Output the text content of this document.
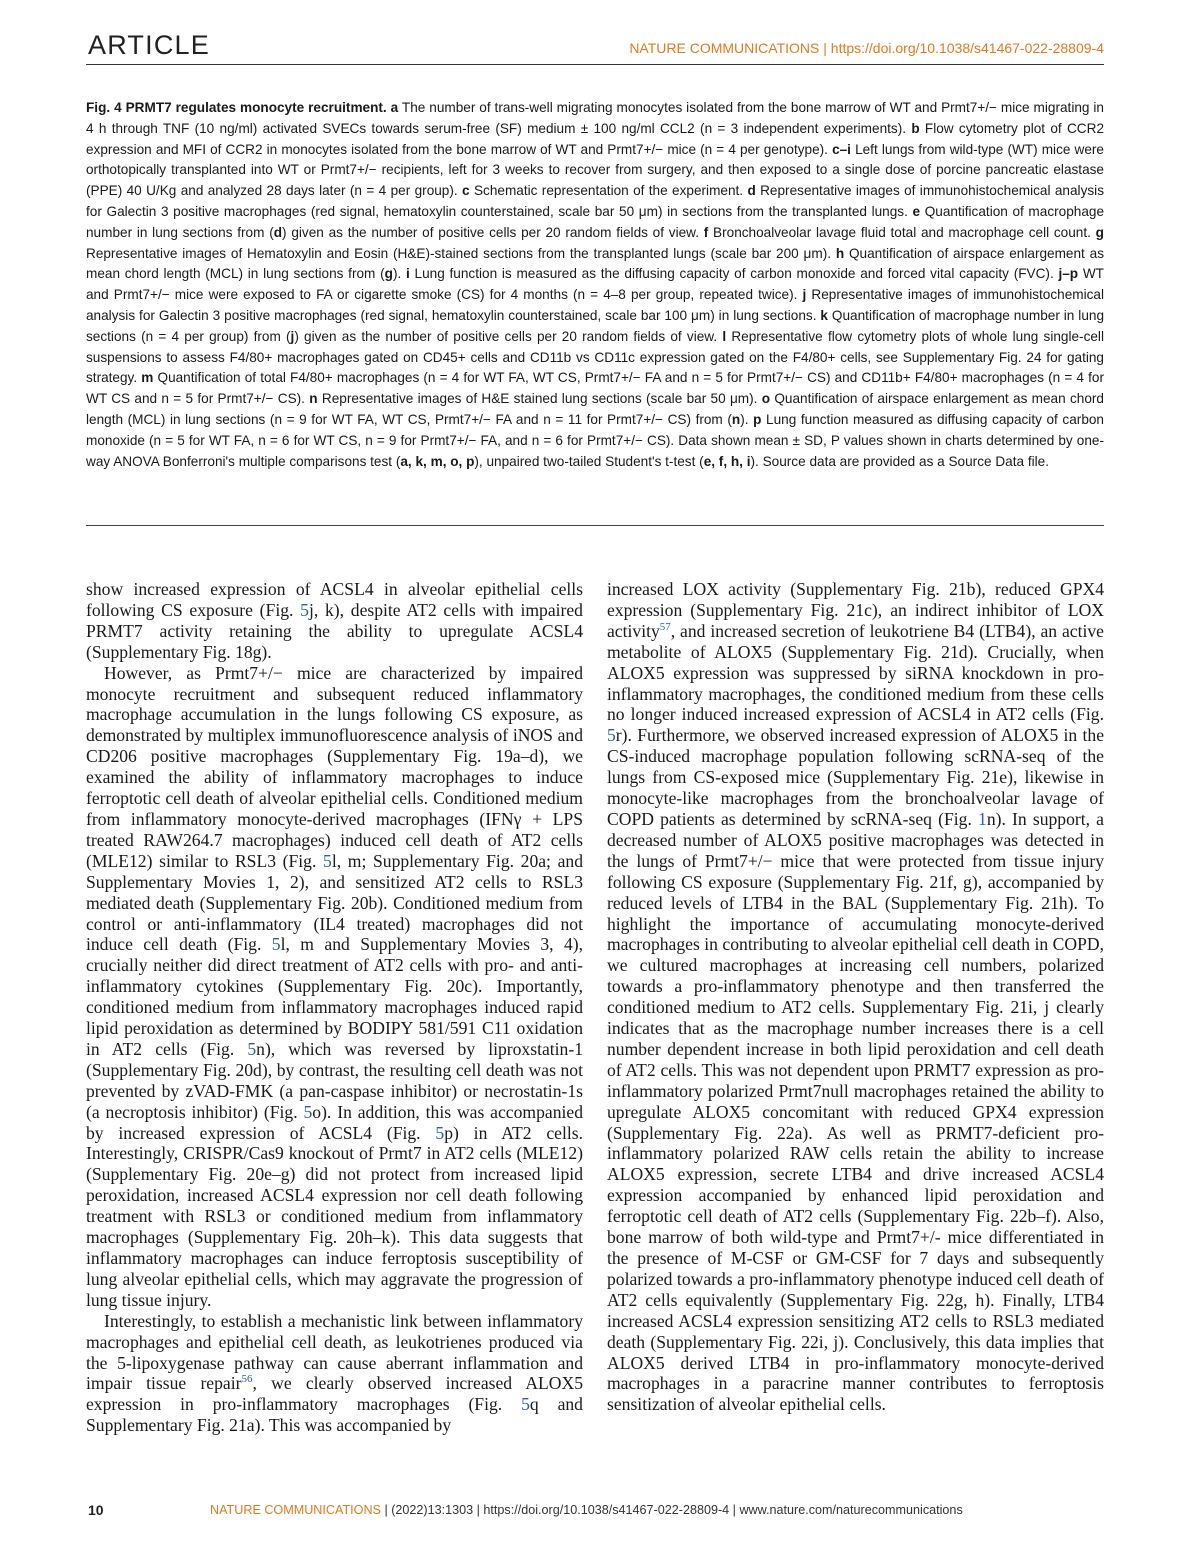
ARTICLE	NATURE COMMUNICATIONS | https://doi.org/10.1038/s41467-022-28809-4
Fig. 4 PRMT7 regulates monocyte recruitment. a The number of trans-well migrating monocytes isolated from the bone marrow of WT and Prmt7+/− mice migrating in 4 h through TNF (10 ng/ml) activated SVECs towards serum-free (SF) medium ± 100 ng/ml CCL2 (n = 3 independent experiments). b Flow cytometry plot of CCR2 expression and MFI of CCR2 in monocytes isolated from the bone marrow of WT and Prmt7+/− mice (n = 4 per genotype). c–i Left lungs from wild-type (WT) mice were orthotopically transplanted into WT or Prmt7+/− recipients, left for 3 weeks to recover from surgery, and then exposed to a single dose of porcine pancreatic elastase (PPE) 40 U/Kg and analyzed 28 days later (n = 4 per group). c Schematic representation of the experiment. d Representative images of immunohistochemical analysis for Galectin 3 positive macrophages (red signal, hematoxylin counterstained, scale bar 50 μm) in sections from the transplanted lungs. e Quantification of macrophage number in lung sections from (d) given as the number of positive cells per 20 random fields of view. f Bronchoalveolar lavage fluid total and macrophage cell count. g Representative images of Hematoxylin and Eosin (H&E)-stained sections from the transplanted lungs (scale bar 200 μm). h Quantification of airspace enlargement as mean chord length (MCL) in lung sections from (g). i Lung function is measured as the diffusing capacity of carbon monoxide and forced vital capacity (FVC). j–p WT and Prmt7+/− mice were exposed to FA or cigarette smoke (CS) for 4 months (n = 4–8 per group, repeated twice). j Representative images of immunohistochemical analysis for Galectin 3 positive macrophages (red signal, hematoxylin counterstained, scale bar 100 μm) in lung sections. k Quantification of macrophage number in lung sections (n = 4 per group) from (j) given as the number of positive cells per 20 random fields of view. l Representative flow cytometry plots of whole lung single-cell suspensions to assess F4/80+ macrophages gated on CD45+ cells and CD11b vs CD11c expression gated on the F4/80+ cells, see Supplementary Fig. 24 for gating strategy. m Quantification of total F4/80+ macrophages (n = 4 for WT FA, WT CS, Prmt7+/− FA and n = 5 for Prmt7+/− CS) and CD11b+ F4/80+ macrophages (n = 4 for WT CS and n = 5 for Prmt7+/− CS). n Representative images of H&E stained lung sections (scale bar 50 μm). o Quantification of airspace enlargement as mean chord length (MCL) in lung sections (n = 9 for WT FA, WT CS, Prmt7+/− FA and n = 11 for Prmt7+/− CS) from (n). p Lung function measured as diffusing capacity of carbon monoxide (n = 5 for WT FA, n = 6 for WT CS, n = 9 for Prmt7+/− FA, and n = 6 for Prmt7+/− CS). Data shown mean ± SD, P values shown in charts determined by one-way ANOVA Bonferroni's multiple comparisons test (a, k, m, o, p), unpaired two-tailed Student's t-test (e, f, h, i). Source data are provided as a Source Data file.

show increased expression of ACSL4 in alveolar epithelial cells following CS exposure (Fig. 5j, k), despite AT2 cells with impaired PRMT7 activity retaining the ability to upregulate ACSL4 (Supplementary Fig. 18g).

However, as Prmt7+/− mice are characterized by impaired monocyte recruitment and subsequent reduced inflammatory macrophage accumulation in the lungs following CS exposure, as demonstrated by multiplex immunofluorescence analysis of iNOS and CD206 positive macrophages (Supplementary Fig. 19a–d), we examined the ability of inflammatory macrophages to induce ferroptotic cell death of alveolar epithelial cells. Conditioned medium from inflammatory monocyte-derived macrophages (IFNγ + LPS treated RAW264.7 macrophages) induced cell death of AT2 cells (MLE12) similar to RSL3 (Fig. 5l, m; Supplementary Fig. 20a; and Supplementary Movies 1, 2), and sensitized AT2 cells to RSL3 mediated death (Supplementary Fig. 20b). Conditioned medium from control or anti-inflammatory (IL4 treated) macrophages did not induce cell death (Fig. 5l, m and Supplementary Movies 3, 4), crucially neither did direct treatment of AT2 cells with pro- and anti-inflammatory cytokines (Supplementary Fig. 20c). Importantly, conditioned medium from inflammatory macrophages induced rapid lipid peroxidation as determined by BODIPY 581/591 C11 oxidation in AT2 cells (Fig. 5n), which was reversed by liproxstatin-1 (Supplementary Fig. 20d), by contrast, the resulting cell death was not prevented by zVAD-FMK (a pan-caspase inhibitor) or necrostatin-1s (a necroptosis inhibitor) (Fig. 5o). In addition, this was accompanied by increased expression of ACSL4 (Fig. 5p) in AT2 cells. Interestingly, CRISPR/Cas9 knockout of Prmt7 in AT2 cells (MLE12) (Supplementary Fig. 20e–g) did not protect from increased lipid peroxidation, increased ACSL4 expression nor cell death following treatment with RSL3 or conditioned medium from inflammatory macrophages (Supplementary Fig. 20h–k). This data suggests that inflammatory macrophages can induce ferroptosis susceptibility of lung alveolar epithelial cells, which may aggravate the progression of lung tissue injury.

Interestingly, to establish a mechanistic link between inflammatory macrophages and epithelial cell death, as leukotrienes produced via the 5-lipoxygenase pathway can cause aberrant inflammation and impair tissue repair$^{56}$, we clearly observed increased ALOX5 expression in pro-inflammatory macrophages (Fig. 5q and Supplementary Fig. 21a). This was accompanied by

increased LOX activity (Supplementary Fig. 21b), reduced GPX4 expression (Supplementary Fig. 21c), an indirect inhibitor of LOX activity$^{57}$, and increased secretion of leukotriene B4 (LTB4), an active metabolite of ALOX5 (Supplementary Fig. 21d). Crucially, when ALOX5 expression was suppressed by siRNA knockdown in pro-inflammatory macrophages, the conditioned medium from these cells no longer induced increased expression of ACSL4 in AT2 cells (Fig. 5r). Furthermore, we observed increased expression of ALOX5 in the CS-induced macrophage population following scRNA-seq of the lungs from CS-exposed mice (Supplementary Fig. 21e), likewise in monocyte-like macrophages from the bronchoalveolar lavage of COPD patients as determined by scRNA-seq (Fig. 1n). In support, a decreased number of ALOX5 positive macrophages was detected in the lungs of Prmt7+/− mice that were protected from tissue injury following CS exposure (Supplementary Fig. 21f, g), accompanied by reduced levels of LTB4 in the BAL (Supplementary Fig. 21h). To highlight the importance of accumulating monocyte-derived macrophages in contributing to alveolar epithelial cell death in COPD, we cultured macrophages at increasing cell numbers, polarized towards a pro-inflammatory phenotype and then transferred the conditioned medium to AT2 cells. Supplementary Fig. 21i, j clearly indicates that as the macrophage number increases there is a cell number dependent increase in both lipid peroxidation and cell death of AT2 cells. This was not dependent upon PRMT7 expression as pro-inflammatory polarized Prmt7null macrophages retained the ability to upregulate ALOX5 concomitant with reduced GPX4 expression (Supplementary Fig. 22a). As well as PRMT7-deficient pro-inflammatory polarized RAW cells retain the ability to increase ALOX5 expression, secrete LTB4 and drive increased ACSL4 expression accompanied by enhanced lipid peroxidation and ferroptotic cell death of AT2 cells (Supplementary Fig. 22b–f). Also, bone marrow of both wild-type and Prmt7+/- mice differentiated in the presence of M-CSF or GM-CSF for 7 days and subsequently polarized towards a pro-inflammatory phenotype induced cell death of AT2 cells equivalently (Supplementary Fig. 22g, h). Finally, LTB4 increased ACSL4 expression sensitizing AT2 cells to RSL3 mediated death (Supplementary Fig. 22i, j). Conclusively, this data implies that ALOX5 derived LTB4 in pro-inflammatory monocyte-derived macrophages in a paracrine manner contributes to ferroptosis sensitization of alveolar epithelial cells.

10	NATURE COMMUNICATIONS | (2022)13:1303 | https://doi.org/10.1038/s41467-022-28809-4 | www.nature.com/naturecommunications
